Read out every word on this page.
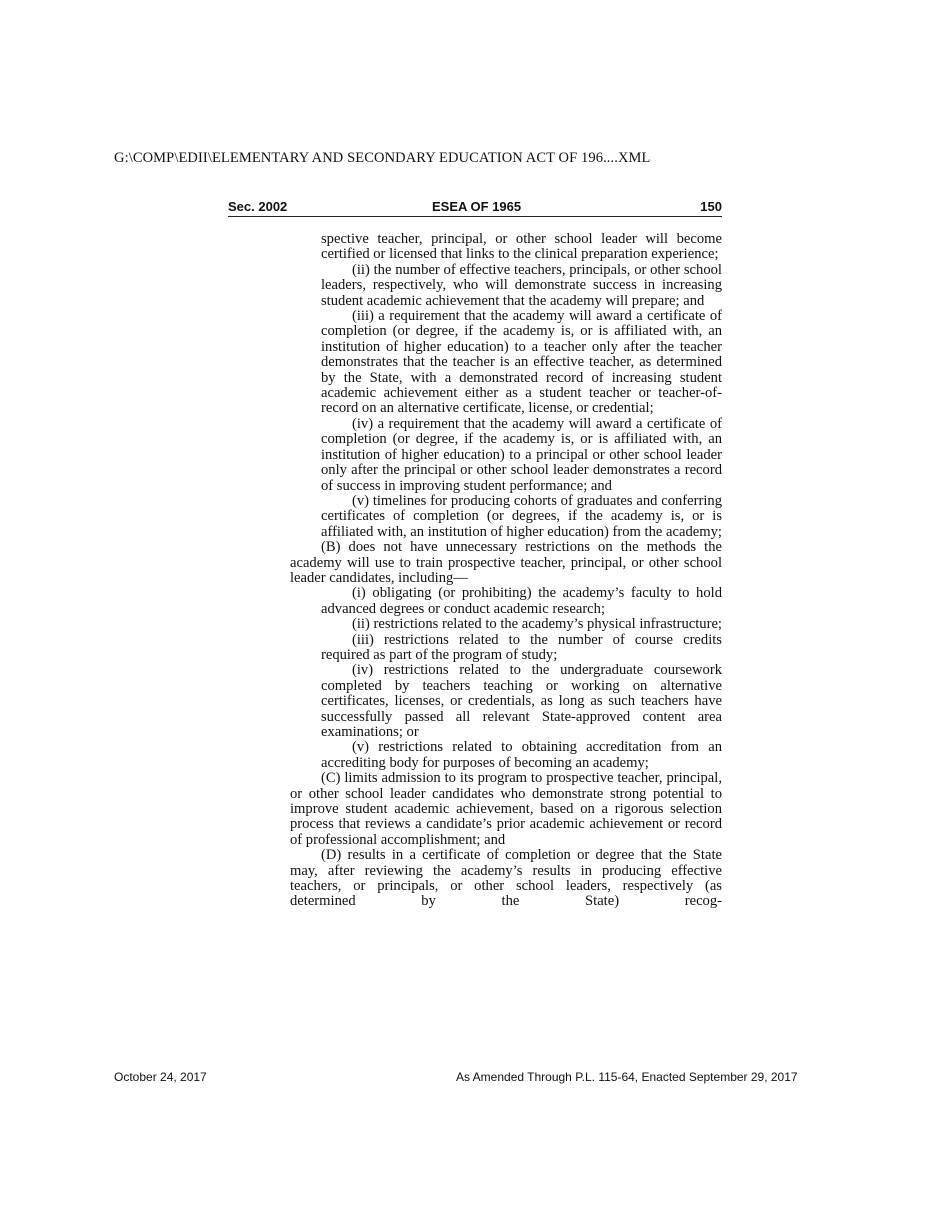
G:\COMP\EDII\ELEMENTARY AND SECONDARY EDUCATION ACT OF 196....XML
Sec. 2002	ESEA OF 1965	150

spective teacher, principal, or other school leader will become certified or licensed that links to the clinical preparation experience;

(ii) the number of effective teachers, principals, or other school leaders, respectively, who will demonstrate success in increasing student academic achievement that the academy will prepare; and

(iii) a requirement that the academy will award a certificate of completion (or degree, if the academy is, or is affiliated with, an institution of higher education) to a teacher only after the teacher demonstrates that the teacher is an effective teacher, as determined by the State, with a demonstrated record of increasing student academic achievement either as a student teacher or teacher-of-record on an alternative certificate, license, or credential;

(iv) a requirement that the academy will award a certificate of completion (or degree, if the academy is, or is affiliated with, an institution of higher education) to a principal or other school leader only after the principal or other school leader demonstrates a record of success in improving student performance; and

(v) timelines for producing cohorts of graduates and conferring certificates of completion (or degrees, if the academy is, or is affiliated with, an institution of higher education) from the academy;

(B) does not have unnecessary restrictions on the methods the academy will use to train prospective teacher, principal, or other school leader candidates, including—

(i) obligating (or prohibiting) the academy’s faculty to hold advanced degrees or conduct academic research;

(ii) restrictions related to the academy’s physical infrastructure;

(iii) restrictions related to the number of course credits required as part of the program of study;

(iv) restrictions related to the undergraduate coursework completed by teachers teaching or working on alternative certificates, licenses, or credentials, as long as such teachers have successfully passed all relevant State-approved content area examinations; or

(v) restrictions related to obtaining accreditation from an accrediting body for purposes of becoming an academy;

(C) limits admission to its program to prospective teacher, principal, or other school leader candidates who demonstrate strong potential to improve student academic achievement, based on a rigorous selection process that reviews a candidate’s prior academic achievement or record of professional accomplishment; and

(D) results in a certificate of completion or degree that the State may, after reviewing the academy’s results in producing effective teachers, or principals, or other school leaders, respectively (as determined by the State) recog-

October 24, 2017	As Amended Through P.L. 115-64, Enacted September 29, 2017
